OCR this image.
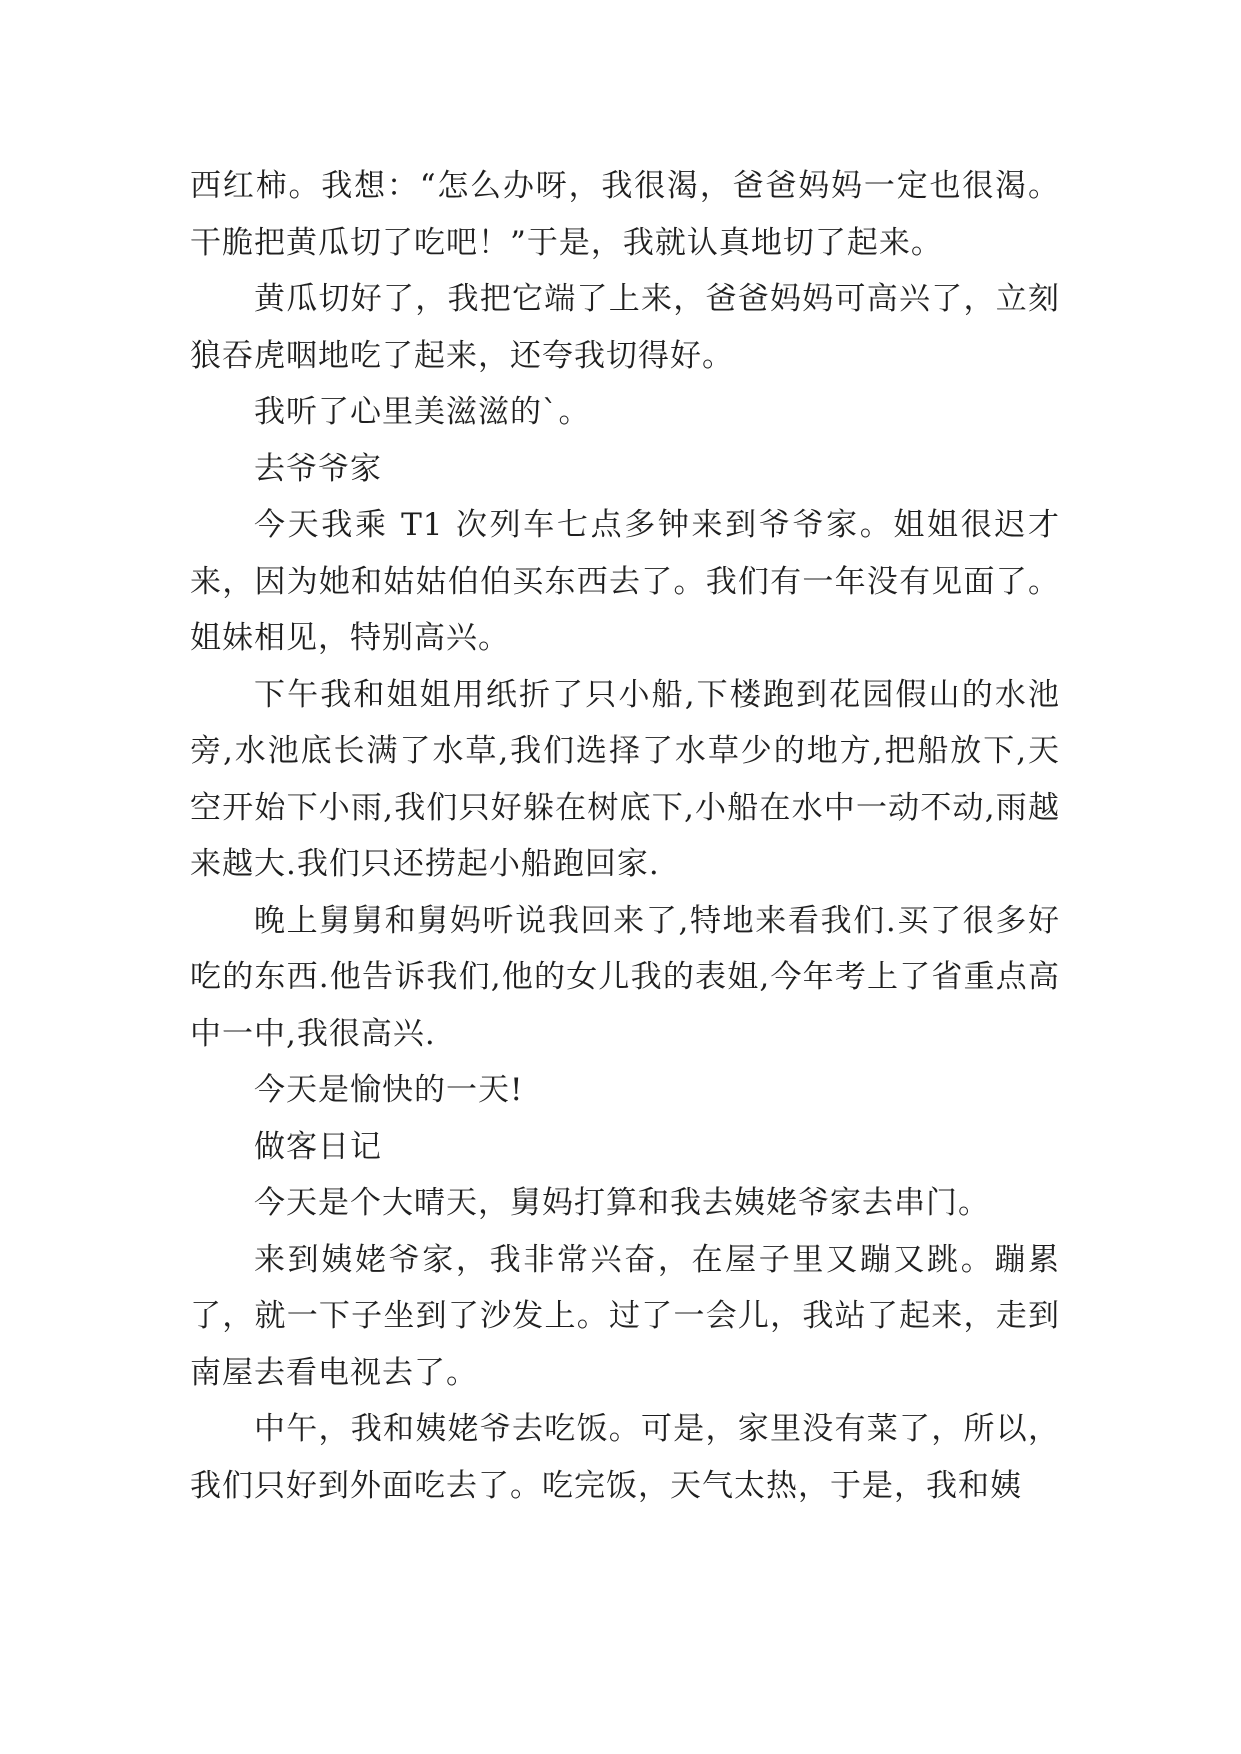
西红柿。我想：“怎么办呀，我很渴，爸爸妈妈一定也很渴。干脆把黄瓜切了吃吧！”于是，我就认真地切了起来。

黄瓜切好了，我把它端了上来，爸爸妈妈可高兴了，立刻狼吞虎咽地吃了起来，还夸我切得好。

我听了心里美滋滋的`。

去爷爷家

今天我乘 T1 次列车七点多钟来到爷爷家。姐姐很迟才来，因为她和姑姑伯伯买东西去了。我们有一年没有见面了。姐妹相见，特别高兴。

下午我和姐姐用纸折了只小船,下楼跑到花园假山的水池旁,水池底长满了水草,我们选择了水草少的地方,把船放下,天空开始下小雨,我们只好躲在树底下,小船在水中一动不动,雨越来越大.我们只还捞起小船跑回家.

晚上舅舅和舅妈听说我回来了,特地来看我们.买了很多好吃的东西.他告诉我们,他的女儿我的表姐,今年考上了省重点高中一中,我很高兴.

今天是愉快的一天!

做客日记

今天是个大晴天，舅妈打算和我去姨姥爷家去串门。

来到姨姥爷家，我非常兴奋，在屋子里又蹦又跳。蹦累了，就一下子坐到了沙发上。过了一会儿，我站了起来，走到南屋去看电视去了。

中午，我和姨姥爷去吃饭。可是，家里没有菜了，所以，我们只好到外面吃去了。吃完饭，天气太热，于是，我和姨
